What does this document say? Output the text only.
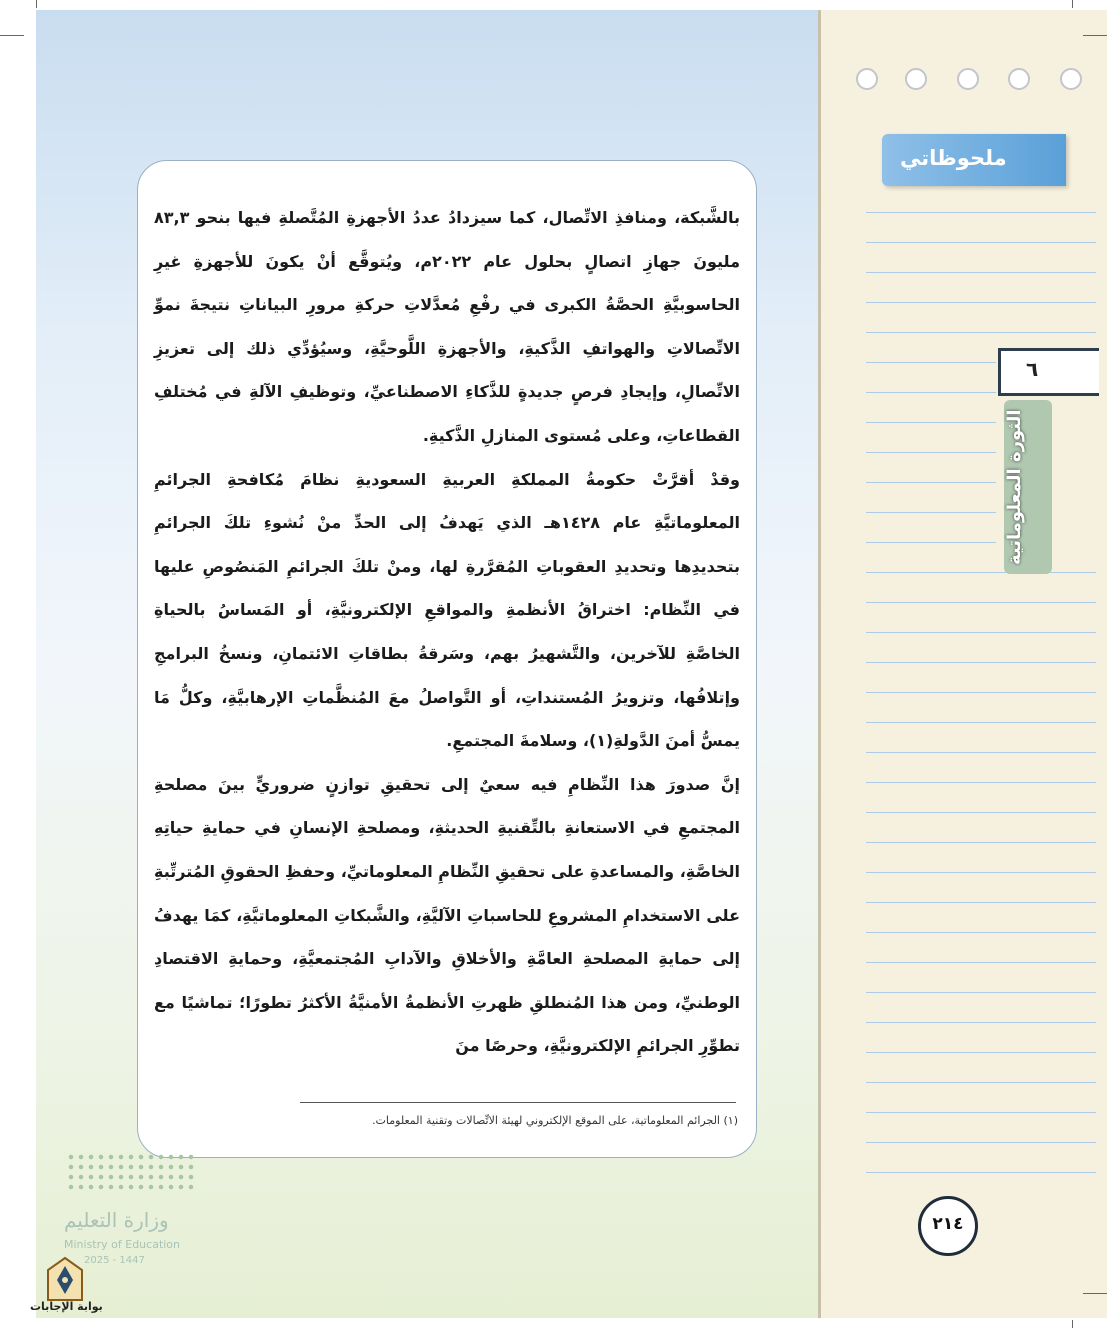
ملحوظاتي
٦
الثورة المعلوماتية

بالشَّبكة، ومنافذِ الاتِّصال، كما سيزدادُ عددُ الأجهزةِ المُتَّصلةِ فيها بنحو ٨٣,٣ مليونَ جهازِ اتصالٍ بحلول عام ٢٠٢٢م، ويُتوقَّع أنْ يكونَ للأجهزةِ غيرِ الحاسوبيَّةِ الحصَّةُ الكبرى في رفْعِ مُعدَّلاتِ حركةِ مرورِ البياناتِ نتيجةَ نموِّ الاتِّصالاتِ والهواتفِ الذَّكيةِ، والأجهزةِ اللَّوحيَّةِ، وسيُؤدِّي ذلك إلى تعزيزِ الاتِّصالِ، وإيجادِ فرصٍ جديدةٍ للذَّكاءِ الاصطناعيِّ، وتوظيفِ الآلةِ في مُختلفِ القطاعاتِ، وعلى مُستوى المنازلِ الذَّكيةِ.

وقدْ أقرَّتْ حكومةُ المملكةِ العربيةِ السعوديةِ نظامَ مُكافحةِ الجرائمِ المعلوماتيَّةِ عام ١٤٢٨هـ الذي يَهدفُ إلى الحدِّ منْ نُشوءِ تلكَ الجرائمِ بتحديدِها وتحديدِ العقوباتِ المُقرَّرةِ لها، ومنْ تلكَ الجرائمِ المَنصُوصِ عليها في النِّظام: اختراقُ الأنظمةِ والمواقعِ الإلكترونيَّةِ، أو المَساسُ بالحياةِ الخاصَّةِ للآخرين، والتَّشهيرُ بهم، وسَرقةُ بطاقاتِ الائتمانِ، ونسخُ البرامجِ وإتلافُها، وتزويرُ المُستنداتِ، أو التَّواصلُ معَ المُنظَّماتِ الإرهابيَّةِ، وكلُّ مَا يمسُّ أمنَ الدَّولةِ(١)، وسلامةَ المجتمعِ.

إنَّ صدورَ هذا النِّظامِ فيه سعيٌ إلى تحقيقِ توازنٍ ضروريٍّ بينَ مصلحةِ المجتمعِ في الاستعانةِ بالتِّقنيةِ الحديثةِ، ومصلحةِ الإنسانِ في حمايةِ حياتِهِ الخاصَّةِ، والمساعدةِ على تحقيقِ النِّظامِ المعلوماتيِّ، وحفظِ الحقوقِ المُترتِّبةِ على الاستخدامِ المشروعِ للحاسباتِ الآليَّةِ، والشَّبكاتِ المعلوماتيَّةِ، كمَا يهدفُ إلى حمايةِ المصلحةِ العامَّةِ والأخلاقِ والآدابِ المُجتمعيَّةِ، وحمايةِ الاقتصادِ الوطنيِّ، ومن هذا المُنطلقِ ظهرتِ الأنظمةُ الأمنيَّةُ الأكثرُ تطورًا؛ تماشيًا مع تطوِّرِ الجرائمِ الإلكترونيَّةِ، وحرصًا منَ

(١) الجرائم المعلوماتية، على الموقع الإلكتروني لهيئة الاتِّصالات وتقنية المعلومات.
٢١٤
وزارة التعليم
Ministry of Education
2025 - 1447
بوابة الإجابات
